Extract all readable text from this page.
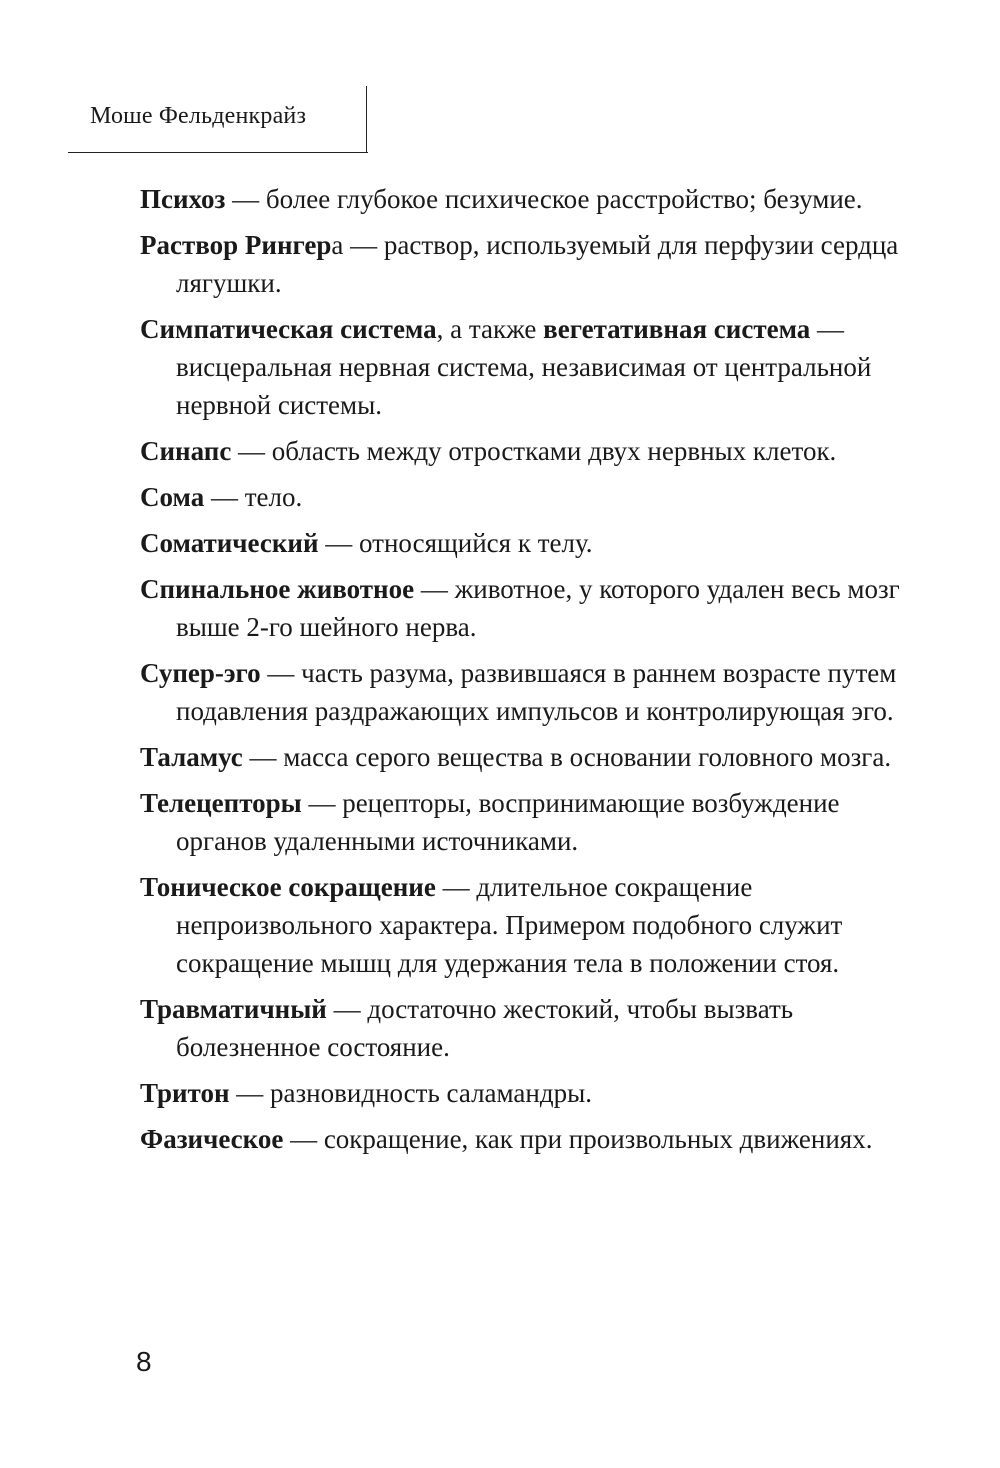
Моше Фельденкрайз

Психоз — более глубокое психическое расстройство; безумие.

Раствор Рингера — раствор, используемый для перфузии сердца лягушки.

Симпатическая система, а также вегетативная система — висцеральная нервная система, независимая от центральной нервной системы.

Синапс — область между отростками двух нервных клеток.

Сома — тело.

Соматический — относящийся к телу.

Спинальное животное — животное, у которого удален весь мозг выше 2-го шейного нерва.

Супер-эго — часть разума, развившаяся в раннем возрасте путем подавления раздражающих импульсов и контролирующая эго.

Таламус — масса серого вещества в основании головного мозга.

Телецепторы — рецепторы, воспринимающие возбуждение органов удаленными источниками.

Тоническое сокращение — длительное сокращение непроизвольного характера. Примером подобного служит сокращение мышц для удержания тела в положении стоя.

Травматичный — достаточно жестокий, чтобы вызвать болезненное состояние.

Тритон — разновидность саламандры.

Фазическое — сокращение, как при произвольных движениях.

8
